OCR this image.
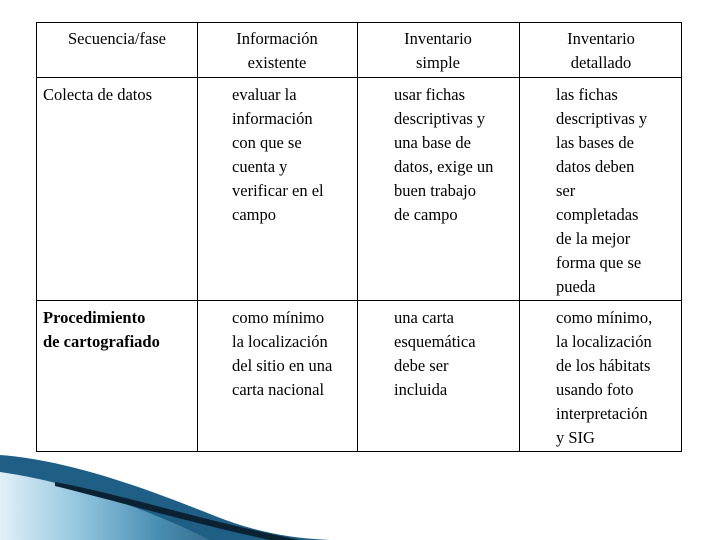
Secuencia/fase	Información
existente
Inventario
simple
Inventario
detallado
Colecta de datos	evaluar la
información
con que se
cuenta y
verificar en el
campo
usar fichas
descriptivas y
una base de
datos, exige un
buen trabajo
de campo
las fichas
descriptivas y
las bases de
datos deben
ser
completadas
de la mejor
forma que se
pueda
Procedimiento
de cartografiado
como mínimo
la localización
del sitio en una
carta nacional
una carta
esquemática
debe ser
incluida
como mínimo,
la localización
de los hábitats
usando foto
interpretación
y SIG
